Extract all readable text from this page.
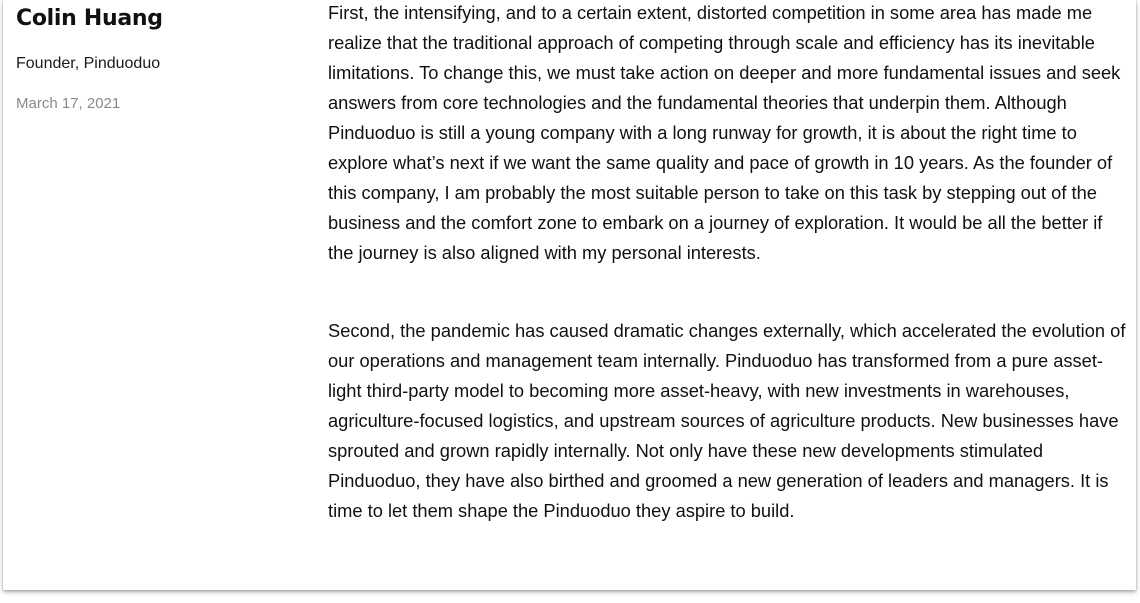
Colin Huang
Founder, Pinduoduo
March 17, 2021

First, the intensifying, and to a certain extent, distorted competition in some area has made me realize that the traditional approach of competing through scale and efficiency has its inevitable limitations. To change this, we must take action on deeper and more fundamental issues and seek answers from core technologies and the fundamental theories that underpin them. Although Pinduoduo is still a young company with a long runway for growth, it is about the right time to explore what’s next if we want the same quality and pace of growth in 10 years. As the founder of this company, I am probably the most suitable person to take on this task by stepping out of the business and the comfort zone to embark on a journey of exploration. It would be all the better if the journey is also aligned with my personal interests.

Second, the pandemic has caused dramatic changes externally, which accelerated the evolution of our operations and management team internally. Pinduoduo has transformed from a pure asset-light third-party model to becoming more asset-heavy, with new investments in warehouses, agriculture-focused logistics, and upstream sources of agriculture products. New businesses have sprouted and grown rapidly internally. Not only have these new developments stimulated Pinduoduo, they have also birthed and groomed a new generation of leaders and managers. It is time to let them shape the Pinduoduo they aspire to build.
